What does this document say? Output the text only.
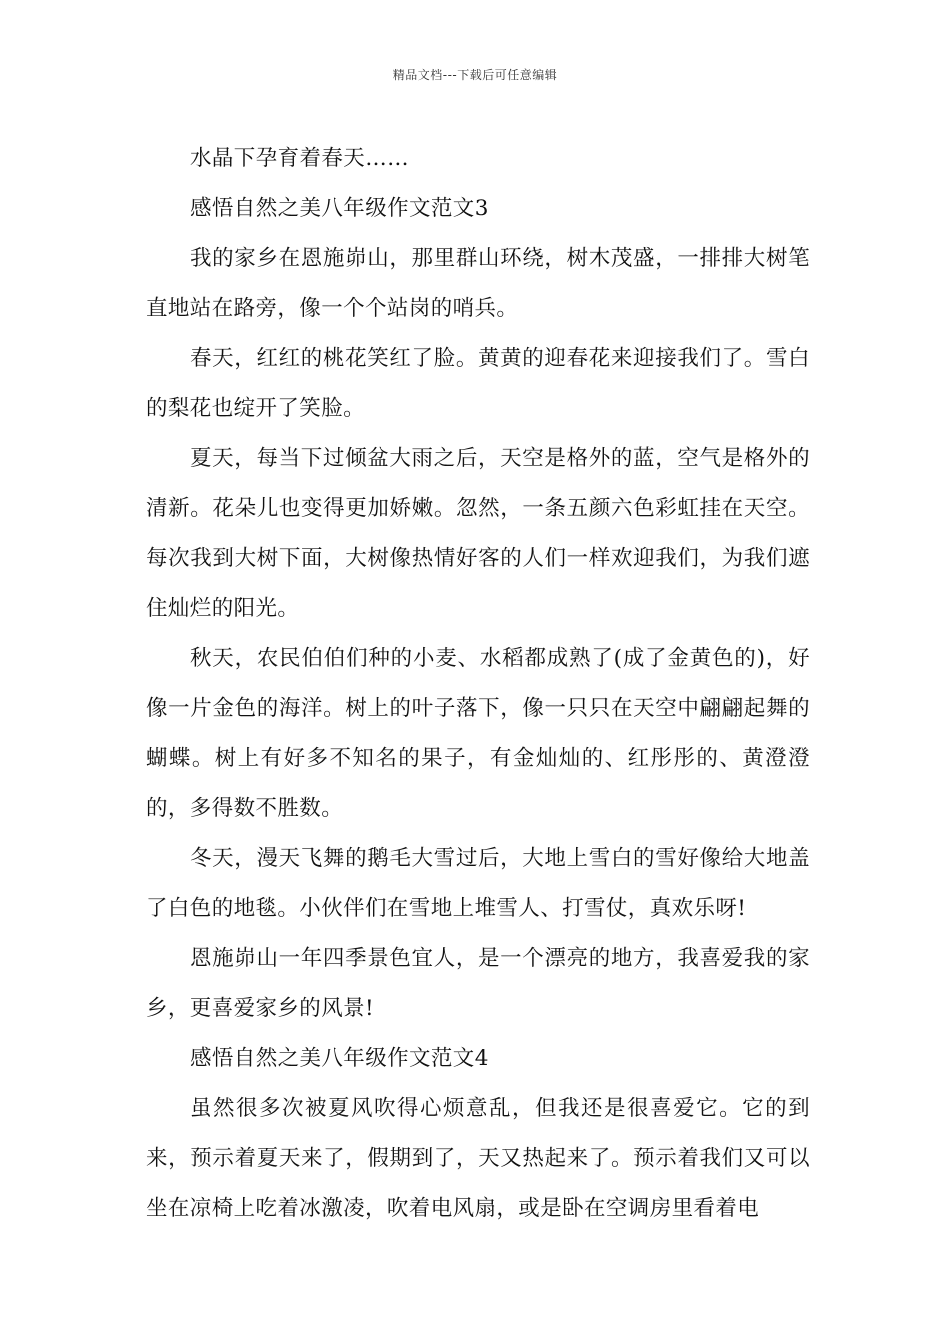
精品文档---下载后可任意编辑

水晶下孕育着春天……

感悟自然之美八年级作文范文3

我的家乡在恩施峁山，那里群山环绕，树木茂盛，一排排大树笔直地站在路旁，像一个个站岗的哨兵。

春天，红红的桃花笑红了脸。黄黄的迎春花来迎接我们了。雪白的梨花也绽开了笑脸。

夏天，每当下过倾盆大雨之后，天空是格外的蓝，空气是格外的清新。花朵儿也变得更加娇嫩。忽然，一条五颜六色彩虹挂在天空。每次我到大树下面，大树像热情好客的人们一样欢迎我们，为我们遮住灿烂的阳光。

秋天，农民伯伯们种的小麦、水稻都成熟了(成了金黄色的)，好像一片金色的海洋。树上的叶子落下，像一只只在天空中翩翩起舞的蝴蝶。树上有好多不知名的果子，有金灿灿的、红彤彤的、黄澄澄的，多得数不胜数。

冬天，漫天飞舞的鹅毛大雪过后，大地上雪白的雪好像给大地盖了白色的地毯。小伙伴们在雪地上堆雪人、打雪仗，真欢乐呀!

恩施峁山一年四季景色宜人，是一个漂亮的地方，我喜爱我的家乡，更喜爱家乡的风景!

感悟自然之美八年级作文范文4

虽然很多次被夏风吹得心烦意乱，但我还是很喜爱它。它的到来，预示着夏天来了，假期到了，天又热起来了。预示着我们又可以坐在凉椅上吃着冰激凌，吹着电风扇，或是卧在空调房里看着电
